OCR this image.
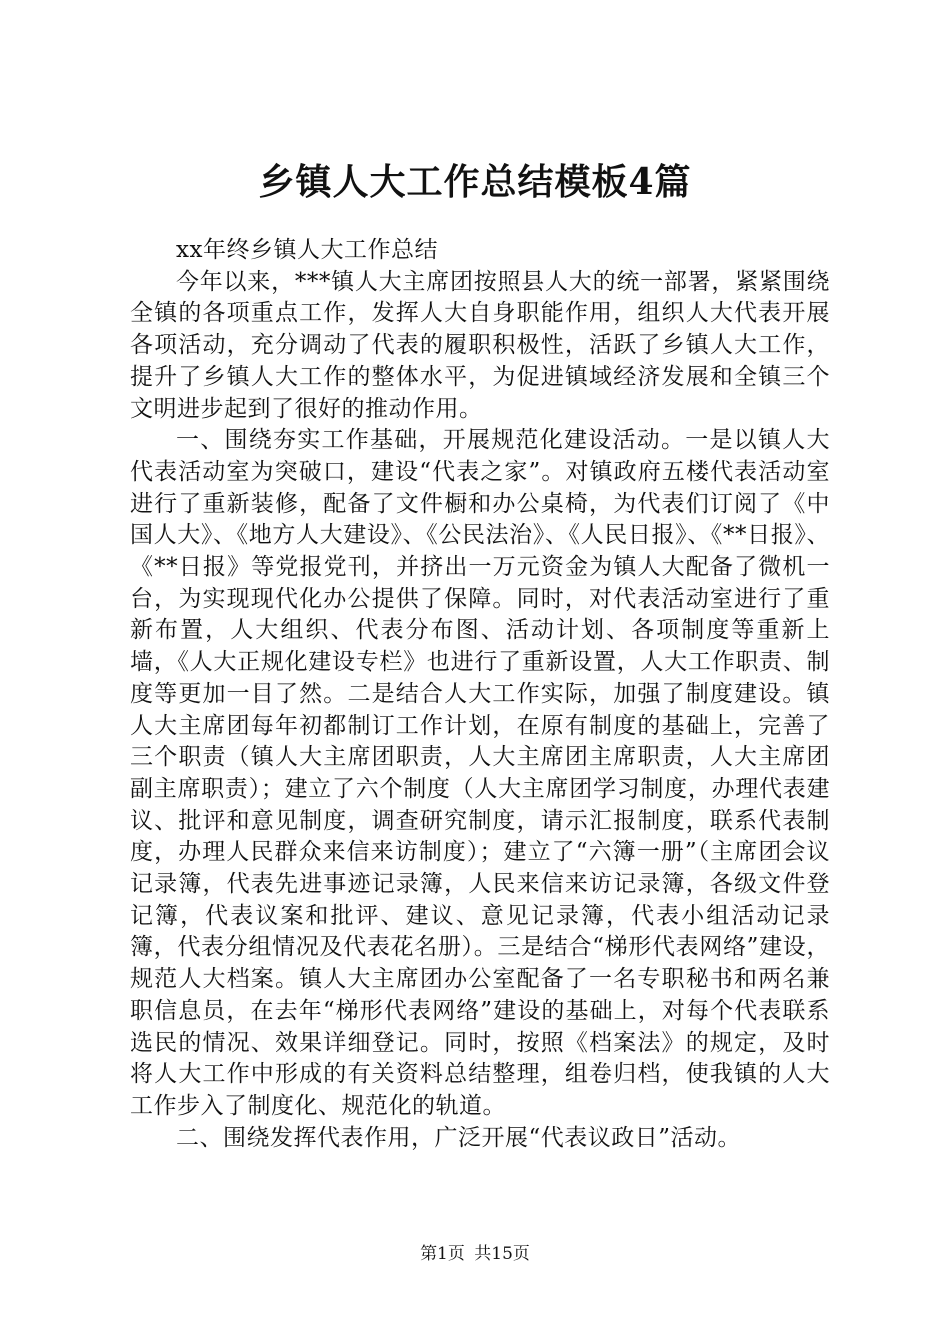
乡镇人大工作总结模板4篇

xx年终乡镇人大工作总结

今年以来，***镇人大主席团按照县人大的统一部署，紧紧围绕全镇的各项重点工作，发挥人大自身职能作用，组织人大代表开展各项活动，充分调动了代表的履职积极性，活跃了乡镇人大工作，提升了乡镇人大工作的整体水平，为促进镇域经济发展和全镇三个文明进步起到了很好的推动作用。

一、围绕夯实工作基础，开展规范化建设活动。一是以镇人大代表活动室为突破口，建设“代表之家”。对镇政府五楼代表活动室进行了重新装修，配备了文件橱和办公桌椅，为代表们订阅了《中国人大》、《地方人大建设》、《公民法治》、《人民日报》、《**日报》、《**日报》等党报党刊，并挤出一万元资金为镇人大配备了微机一台，为实现现代化办公提供了保障。同时，对代表活动室进行了重新布置，人大组织、代表分布图、活动计划、各项制度等重新上墙，《人大正规化建设专栏》也进行了重新设置，人大工作职责、制度等更加一目了然。二是结合人大工作实际，加强了制度建设。镇人大主席团每年初都制订工作计划，在原有制度的基础上，完善了三个职责（镇人大主席团职责，人大主席团主席职责，人大主席团副主席职责）；建立了六个制度（人大主席团学习制度，办理代表建议、批评和意见制度，调查研究制度，请示汇报制度，联系代表制度，办理人民群众来信来访制度）；建立了“六簿一册”（主席团会议记录簿，代表先进事迹记录簿，人民来信来访记录簿，各级文件登记簿，代表议案和批评、建议、意见记录簿，代表小组活动记录簿，代表分组情况及代表花名册）。三是结合“梯形代表网络”建设，规范人大档案。镇人大主席团办公室配备了一名专职秘书和两名兼职信息员，在去年“梯形代表网络”建设的基础上，对每个代表联系选民的情况、效果详细登记。同时，按照《档案法》的规定，及时将人大工作中形成的有关资料总结整理，组卷归档，使我镇的人大工作步入了制度化、规范化的轨道。

二、围绕发挥代表作用，广泛开展“代表议政日”活动。

第1页 共15页
